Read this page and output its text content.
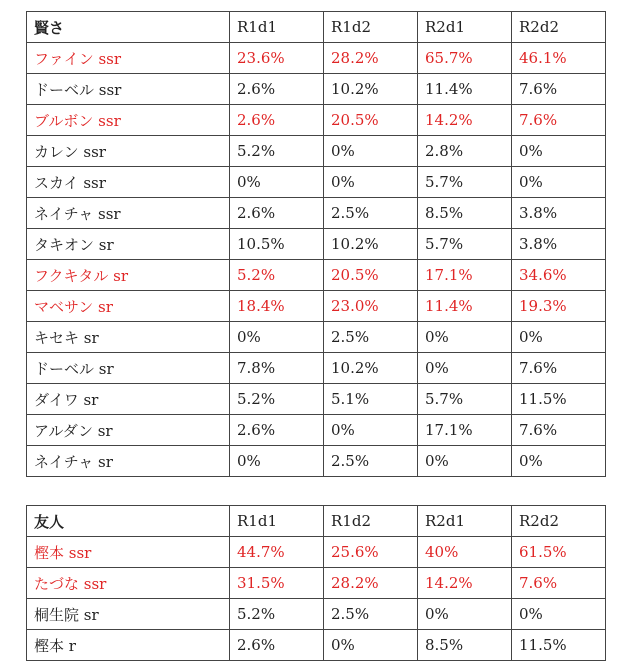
賢さ	R1d1	R1d2	R2d1	R2d2
ファイン ssr	23.6%	28.2%	65.7%	46.1%
ドーベル ssr	2.6%	10.2%	11.4%	7.6%
ブルボン ssr	2.6%	20.5%	14.2%	7.6%
カレン ssr	5.2%	0%	2.8%	0%
スカイ ssr	0%	0%	5.7%	0%
ネイチャ ssr	2.6%	2.5%	8.5%	3.8%
タキオン sr	10.5%	10.2%	5.7%	3.8%
フクキタル sr	5.2%	20.5%	17.1%	34.6%
マベサン sr	18.4%	23.0%	11.4%	19.3%
キセキ sr	0%	2.5%	0%	0%
ドーベル sr	7.8%	10.2%	0%	7.6%
ダイワ sr	5.2%	5.1%	5.7%	11.5%
アルダン sr	2.6%	0%	17.1%	7.6%
ネイチャ sr	0%	2.5%	0%	0%
友人	R1d1	R1d2	R2d1	R2d2
樫本 ssr	44.7%	25.6%	40%	61.5%
たづな ssr	31.5%	28.2%	14.2%	7.6%
桐生院 sr	5.2%	2.5%	0%	0%
樫本 r	2.6%	0%	8.5%	11.5%
